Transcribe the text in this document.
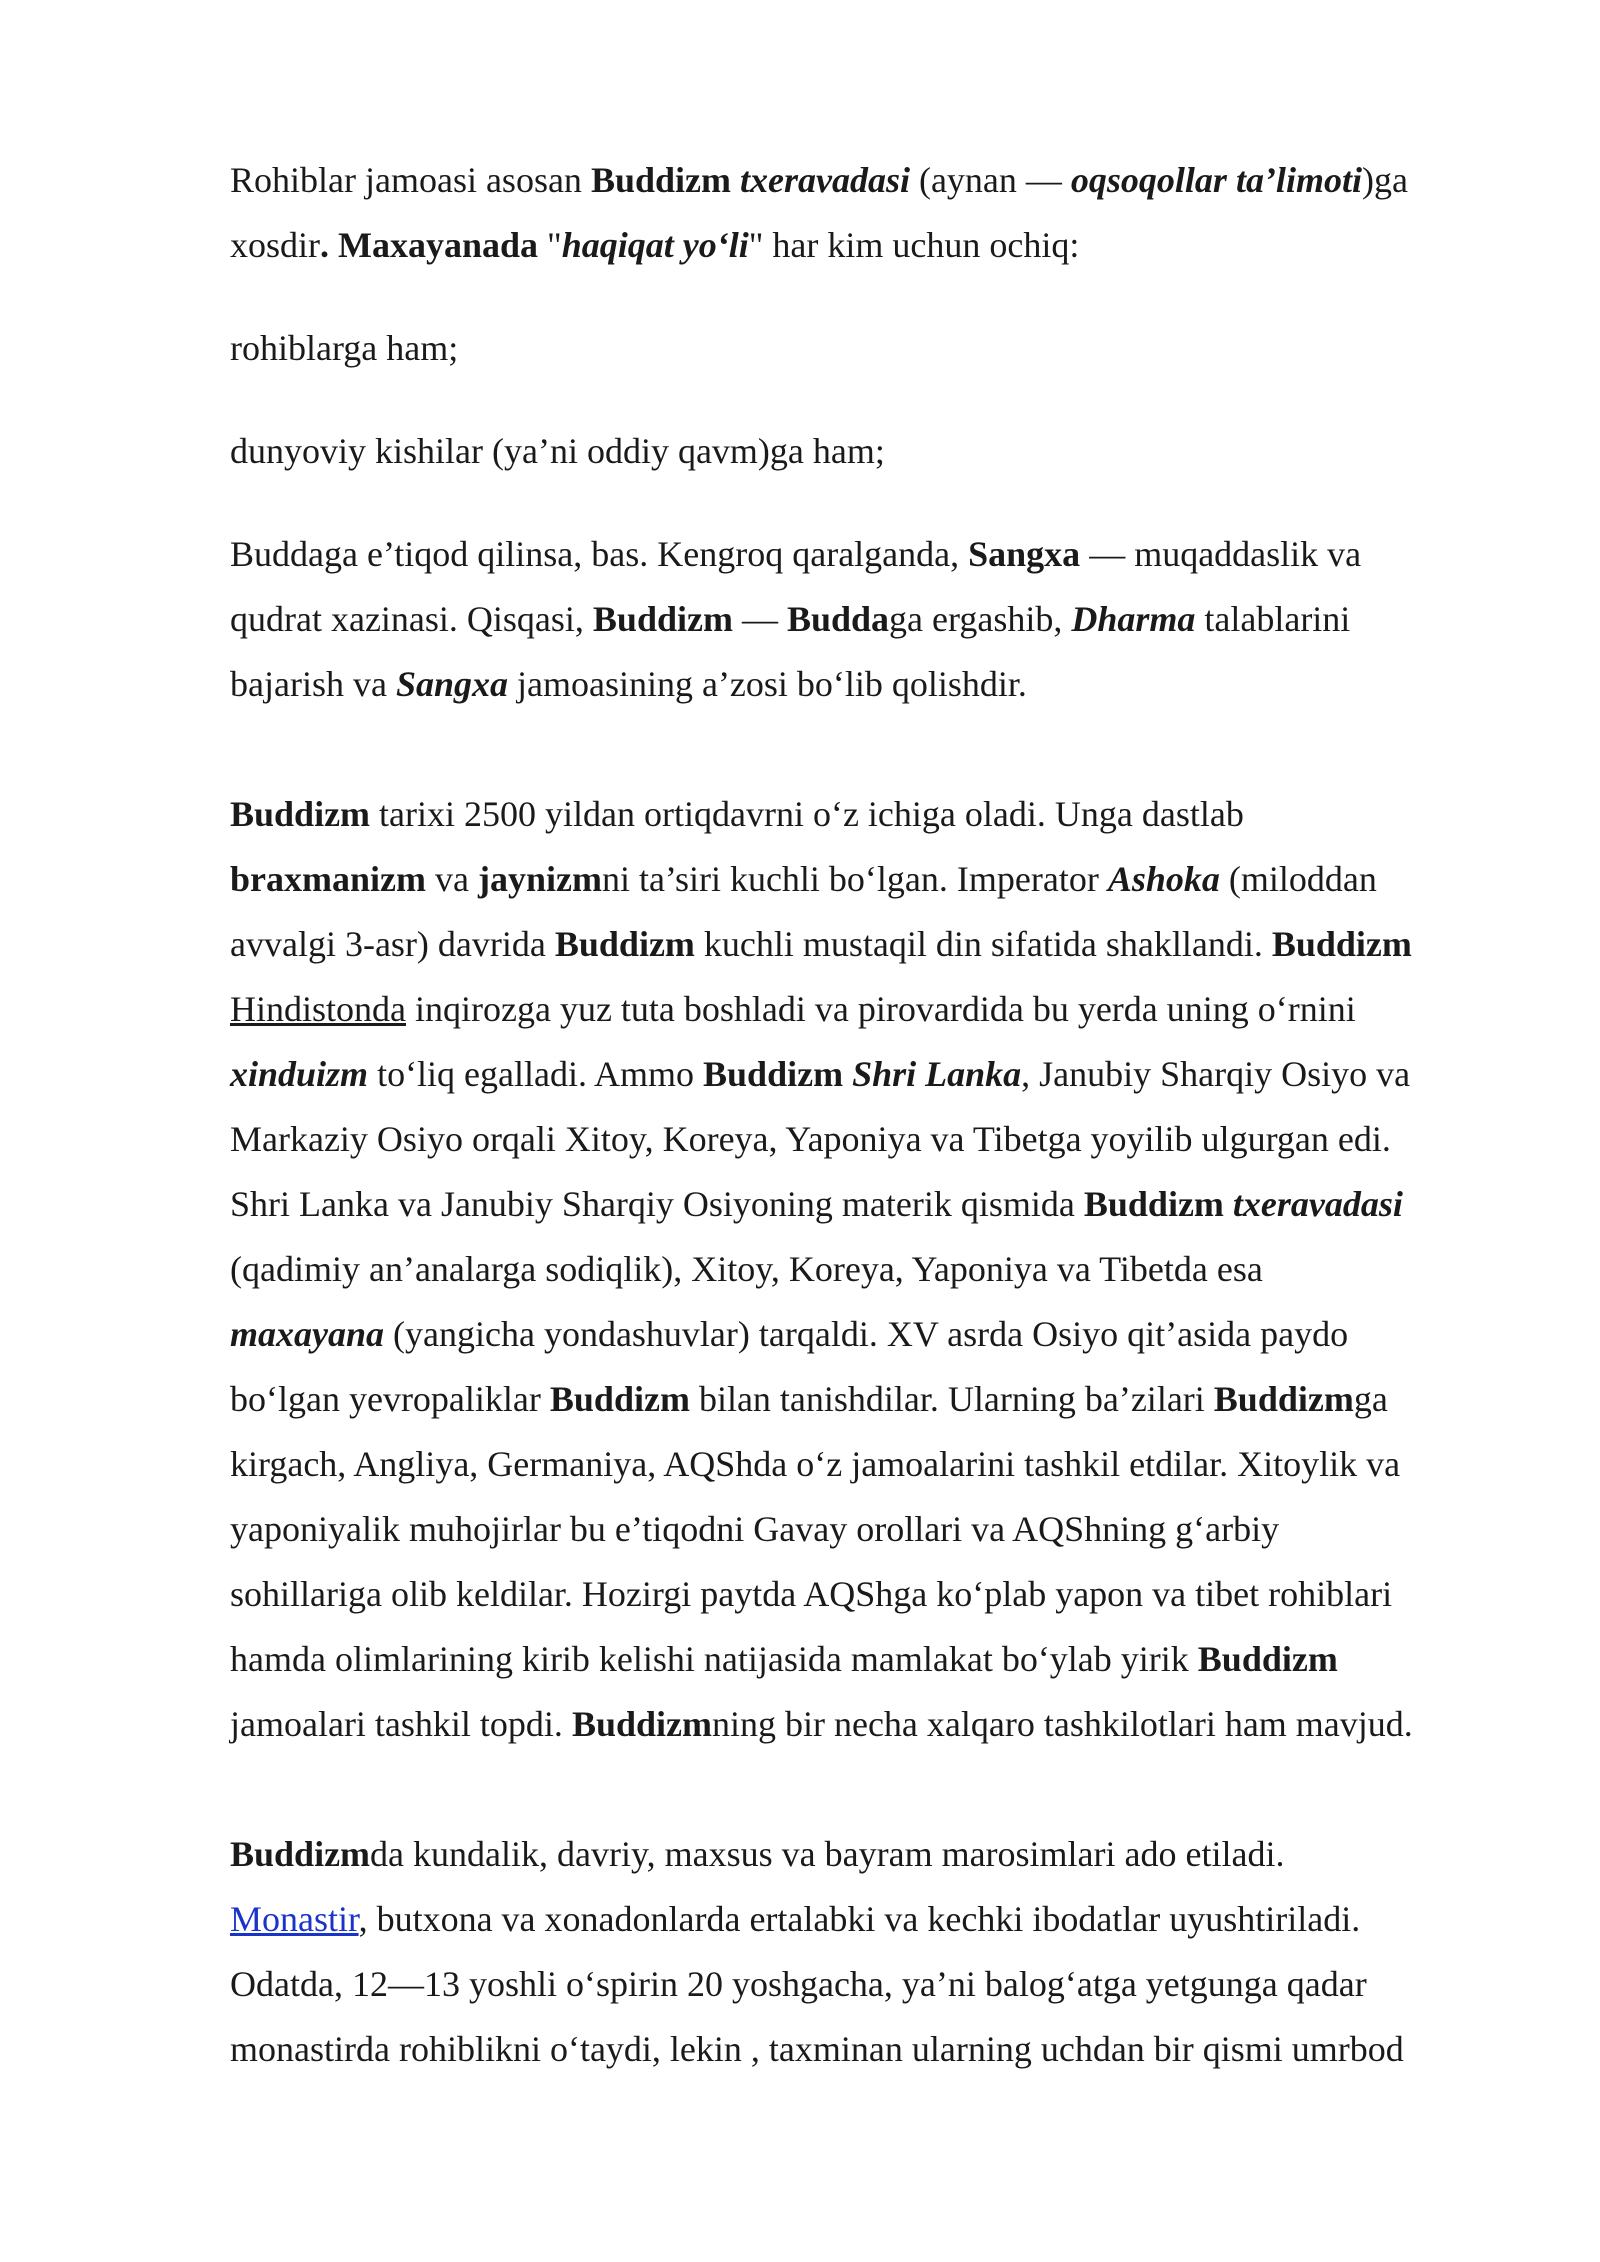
Rohiblar jamoasi asosan Buddizm txeravadasi (aynan — oqsoqollar ta’limoti)ga
xosdir. Maxayanada "haqiqat yo‘li" har kim uchun ochiq:

rohiblarga ham;

dunyoviy kishilar (ya’ni oddiy qavm)ga ham;

Buddaga e’tiqod qilinsa, bas. Kengroq qaralganda, Sangxa — muqaddaslik va
qudrat xazinasi. Qisqasi, Buddizm — Buddaga ergashib, Dharma talablarini
bajarish va Sangxa jamoasining a’zosi bo‘lib qolishdir.

Buddizm tarixi 2500 yildan ortiqdavrni o‘z ichiga oladi. Unga dastlab
braxmanizm va jaynizmni ta’siri kuchli bo‘lgan. Imperator Ashoka (miloddan
avvalgi 3-asr) davrida Buddizm kuchli mustaqil din sifatida shakllandi. Buddizm
Hindistonda inqirozga yuz tuta boshladi va pirovardida bu yerda uning o‘rnini
xinduizm to‘liq egalladi. Ammo Buddizm Shri Lanka, Janubiy Sharqiy Osiyo va
Markaziy Osiyo orqali Xitoy, Koreya, Yaponiya va Tibetga yoyilib ulgurgan edi.
Shri Lanka va Janubiy Sharqiy Osiyoning materik qismida Buddizm txeravadasi
(qadimiy an’analarga sodiqlik), Xitoy, Koreya, Yaponiya va Tibetda esa
maxayana (yangicha yondashuvlar) tarqaldi. XV asrda Osiyo qit’asida paydo
bo‘lgan yevropaliklar Buddizm bilan tanishdilar. Ularning ba’zilari Buddizmga
kirgach, Angliya, Germaniya, AQShda o‘z jamoalarini tashkil etdilar. Xitoylik va
yaponiyalik muhojirlar bu e’tiqodni Gavay orollari va AQShning g‘arbiy
sohillariga olib keldilar. Hozirgi paytda AQShga ko‘plab yapon va tibet rohiblari
hamda olimlarining kirib kelishi natijasida mamlakat bo‘ylab yirik Buddizm
jamoalari tashkil topdi. Buddizmning bir necha xalqaro tashkilotlari ham mavjud.

Buddizmda kundalik, davriy, maxsus va bayram marosimlari ado etiladi.
Monastir, butxona va xonadonlarda ertalabki va kechki ibodatlar uyushtiriladi.
Odatda, 12—13 yoshli o‘spirin 20 yoshgacha, ya’ni balog‘atga yetgunga qadar
monastirda rohiblikni o‘taydi, lekin , taxminan ularning uchdan bir qismi umrbod
